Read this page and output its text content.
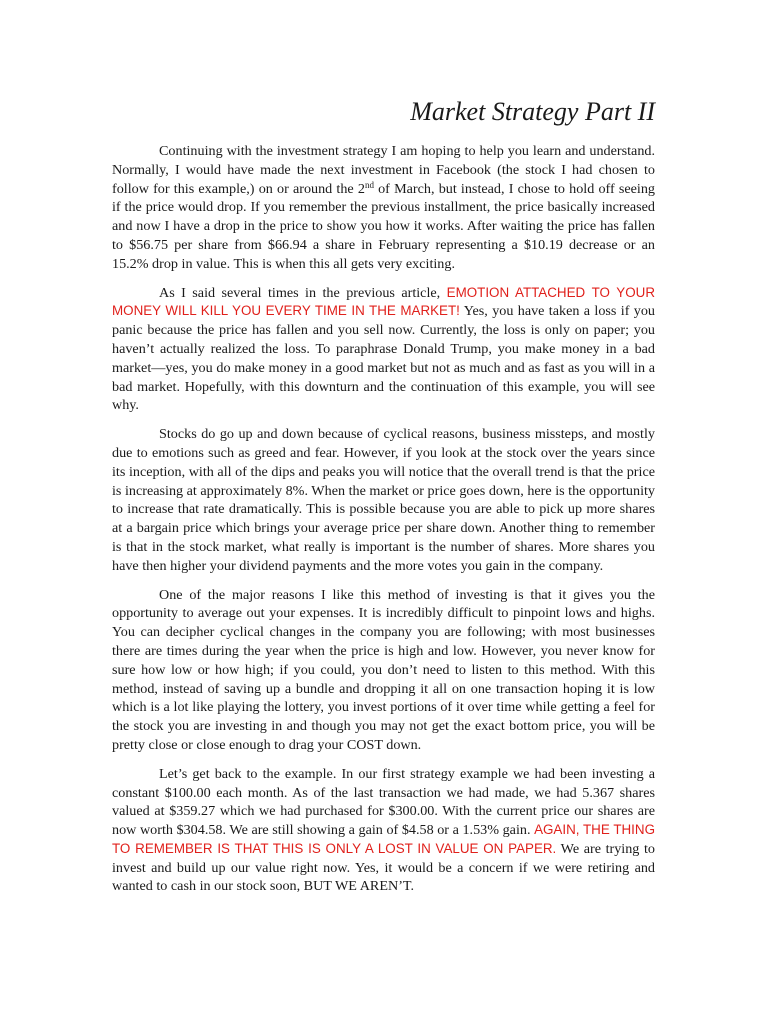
Market Strategy Part II

Continuing with the investment strategy I am hoping to help you learn and understand. Normally, I would have made the next investment in Facebook (the stock I had chosen to follow for this example,) on or around the 2nd of March, but instead, I chose to hold off seeing if the price would drop. If you remember the previous installment, the price basically increased and now I have a drop in the price to show you how it works. After waiting the price has fallen to $56.75 per share from $66.94 a share in February representing a $10.19 decrease or an 15.2% drop in value. This is when this all gets very exciting.

As I said several times in the previous article, EMOTION ATTACHED TO YOUR MONEY WILL KILL YOU EVERY TIME IN THE MARKET! Yes, you have taken a loss if you panic because the price has fallen and you sell now. Currently, the loss is only on paper; you haven’t actually realized the loss. To paraphrase Donald Trump, you make money in a bad market—yes, you do make money in a good market but not as much and as fast as you will in a bad market. Hopefully, with this downturn and the continuation of this example, you will see why.

Stocks do go up and down because of cyclical reasons, business missteps, and mostly due to emotions such as greed and fear. However, if you look at the stock over the years since its inception, with all of the dips and peaks you will notice that the overall trend is that the price is increasing at approximately 8%. When the market or price goes down, here is the opportunity to increase that rate dramatically. This is possible because you are able to pick up more shares at a bargain price which brings your average price per share down. Another thing to remember is that in the stock market, what really is important is the number of shares. More shares you have then higher your dividend payments and the more votes you gain in the company.

One of the major reasons I like this method of investing is that it gives you the opportunity to average out your expenses. It is incredibly difficult to pinpoint lows and highs. You can decipher cyclical changes in the company you are following; with most businesses there are times during the year when the price is high and low. However, you never know for sure how low or how high; if you could, you don’t need to listen to this method. With this method, instead of saving up a bundle and dropping it all on one transaction hoping it is low which is a lot like playing the lottery, you invest portions of it over time while getting a feel for the stock you are investing in and though you may not get the exact bottom price, you will be pretty close or close enough to drag your COST down.

Let’s get back to the example. In our first strategy example we had been investing a constant $100.00 each month. As of the last transaction we had made, we had 5.367 shares valued at $359.27 which we had purchased for $300.00. With the current price our shares are now worth $304.58. We are still showing a gain of $4.58 or a 1.53% gain. AGAIN, THE THING TO REMEMBER IS THAT THIS IS ONLY A LOST IN VALUE ON PAPER. We are trying to invest and build up our value right now. Yes, it would be a concern if we were retiring and wanted to cash in our stock soon, BUT WE AREN’T.
